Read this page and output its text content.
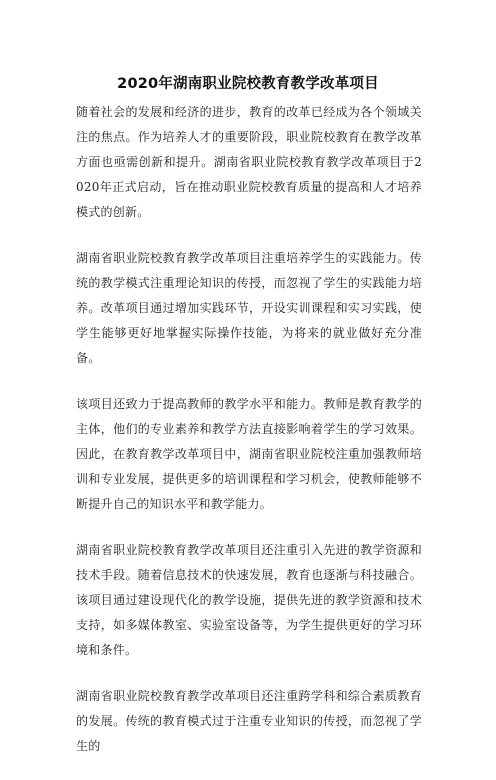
2020年湖南职业院校教育教学改革项目

随着社会的发展和经济的进步，教育的改革已经成为各个领域关注的焦点。作为培养人才的重要阶段，职业院校教育在教学改革方面也亟需创新和提升。湖南省职业院校教育教学改革项目于2020年正式启动，旨在推动职业院校教育质量的提高和人才培养模式的创新。

湖南省职业院校教育教学改革项目注重培养学生的实践能力。传统的教学模式注重理论知识的传授，而忽视了学生的实践能力培养。改革项目通过增加实践环节，开设实训课程和实习实践，使学生能够更好地掌握实际操作技能，为将来的就业做好充分准备。

该项目还致力于提高教师的教学水平和能力。教师是教育教学的主体，他们的专业素养和教学方法直接影响着学生的学习效果。因此，在教育教学改革项目中，湖南省职业院校注重加强教师培训和专业发展，提供更多的培训课程和学习机会，使教师能够不断提升自己的知识水平和教学能力。

湖南省职业院校教育教学改革项目还注重引入先进的教学资源和技术手段。随着信息技术的快速发展，教育也逐渐与科技融合。该项目通过建设现代化的教学设施，提供先进的教学资源和技术支持，如多媒体教室、实验室设备等，为学生提供更好的学习环境和条件。

湖南省职业院校教育教学改革项目还注重跨学科和综合素质教育的发展。传统的教育模式过于注重专业知识的传授，而忽视了学生的
